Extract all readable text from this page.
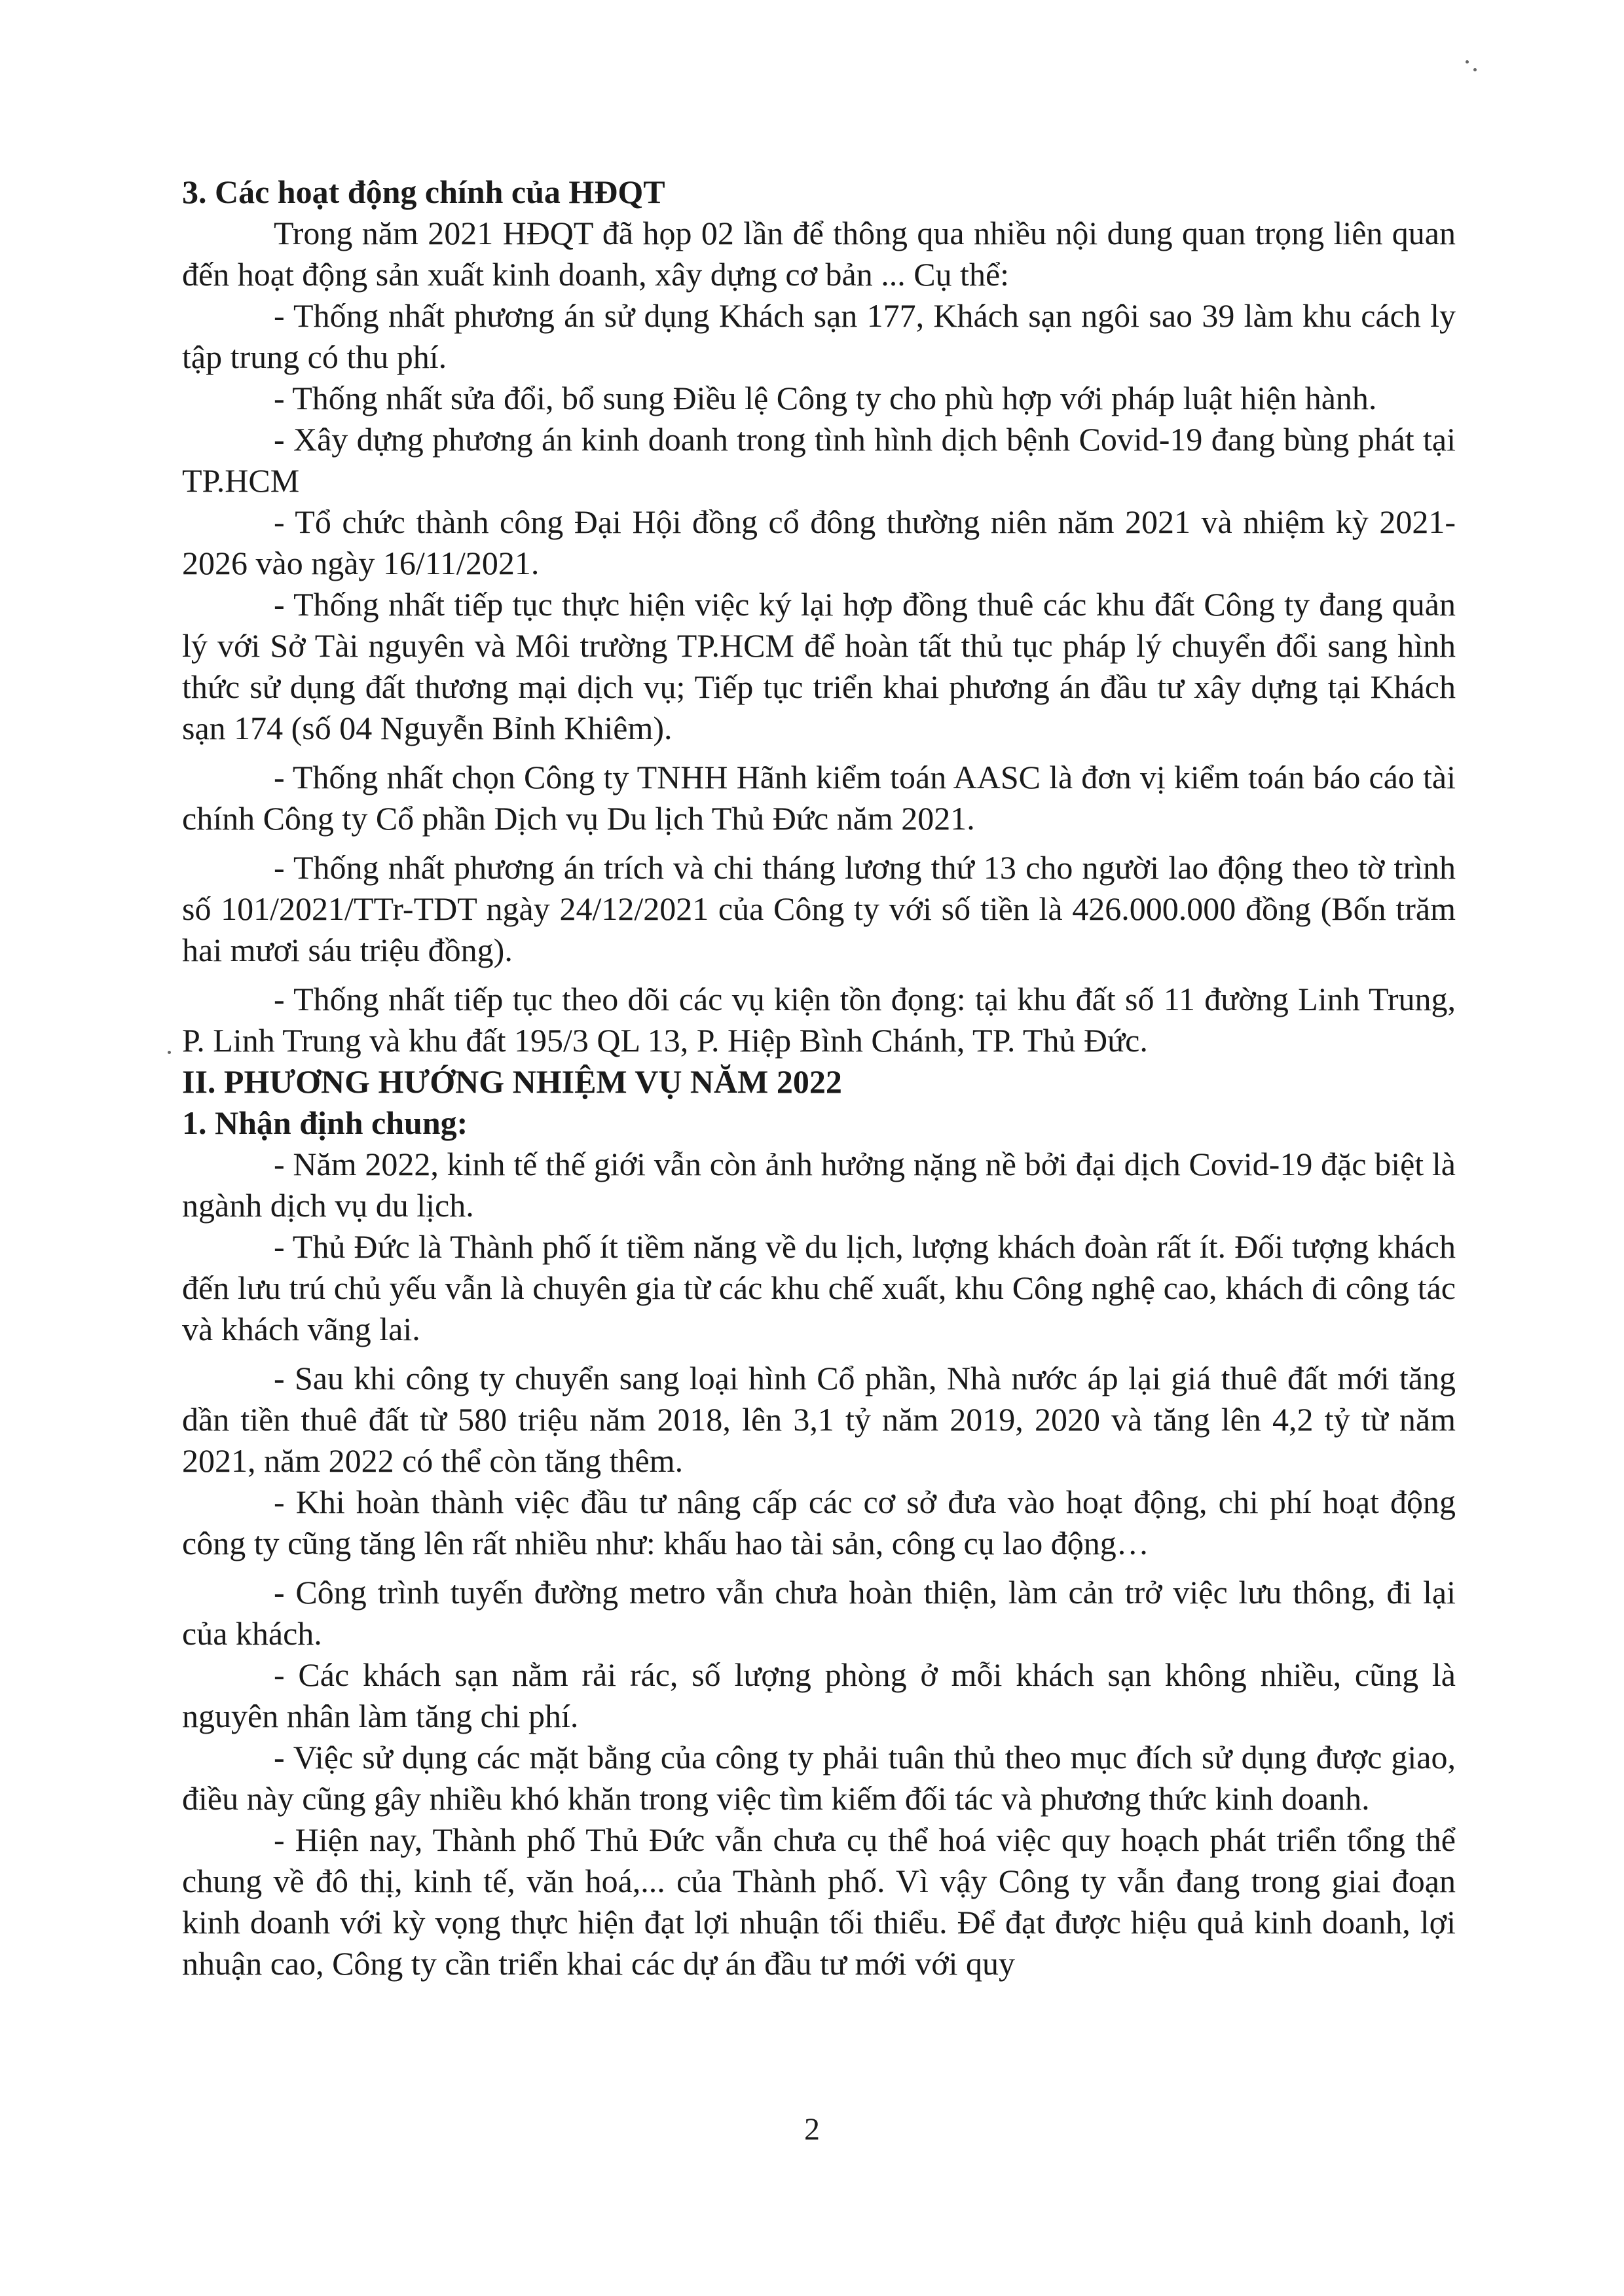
3. Các hoạt động chính của HĐQT

Trong năm 2021 HĐQT đã họp 02 lần để thông qua nhiều nội dung quan trọng liên quan đến hoạt động sản xuất kinh doanh, xây dựng cơ bản ... Cụ thể:

- Thống nhất phương án sử dụng Khách sạn 177, Khách sạn ngôi sao 39 làm khu cách ly tập trung có thu phí.

- Thống nhất sửa đổi, bổ sung Điều lệ Công ty cho phù hợp với pháp luật hiện hành.

- Xây dựng phương án kinh doanh trong tình hình dịch bệnh Covid-19 đang bùng phát tại TP.HCM

- Tổ chức thành công Đại Hội đồng cổ đông thường niên năm 2021 và nhiệm kỳ 2021-2026 vào ngày 16/11/2021.

- Thống nhất tiếp tục thực hiện việc ký lại hợp đồng thuê các khu đất Công ty đang quản lý với Sở Tài nguyên và Môi trường TP.HCM để hoàn tất thủ tục pháp lý chuyển đổi sang hình thức sử dụng đất thương mại dịch vụ; Tiếp tục triển khai phương án đầu tư xây dựng tại Khách sạn 174 (số 04 Nguyễn Bỉnh Khiêm).

- Thống nhất chọn Công ty TNHH Hãnh kiểm toán AASC là đơn vị kiểm toán báo cáo tài chính Công ty Cổ phần Dịch vụ Du lịch Thủ Đức năm 2021.

- Thống nhất phương án trích và chi tháng lương thứ 13 cho người lao động theo tờ trình số 101/2021/TTr-TDT ngày 24/12/2021 của Công ty với số tiền là 426.000.000 đồng (Bốn trăm hai mươi sáu triệu đồng).

- Thống nhất tiếp tục theo dõi các vụ kiện tồn đọng: tại khu đất số 11 đường Linh Trung, P. Linh Trung và khu đất 195/3 QL 13, P. Hiệp Bình Chánh, TP. Thủ Đức.

II. PHƯƠNG HƯỚNG NHIỆM VỤ NĂM 2022

1. Nhận định chung:

- Năm 2022, kinh tế thế giới vẫn còn ảnh hưởng nặng nề bởi đại dịch Covid-19 đặc biệt là ngành dịch vụ du lịch.

- Thủ Đức là Thành phố ít tiềm năng về du lịch, lượng khách đoàn rất ít. Đối tượng khách đến lưu trú chủ yếu vẫn là chuyên gia từ các khu chế xuất, khu Công nghệ cao, khách đi công tác và khách vãng lai.

- Sau khi công ty chuyển sang loại hình Cổ phần, Nhà nước áp lại giá thuê đất mới tăng dần tiền thuê đất từ 580 triệu năm 2018, lên 3,1 tỷ năm 2019, 2020 và tăng lên 4,2 tỷ từ năm 2021, năm 2022 có thể còn tăng thêm.

- Khi hoàn thành việc đầu tư nâng cấp các cơ sở đưa vào hoạt động, chi phí hoạt động công ty cũng tăng lên rất nhiều như: khấu hao tài sản, công cụ lao động…

- Công trình tuyến đường metro vẫn chưa hoàn thiện, làm cản trở việc lưu thông, đi lại của khách.

- Các khách sạn nằm rải rác, số lượng phòng ở mỗi khách sạn không nhiều, cũng là nguyên nhân làm tăng chi phí.

- Việc sử dụng các mặt bằng của công ty phải tuân thủ theo mục đích sử dụng được giao, điều này cũng gây nhiều khó khăn trong việc tìm kiếm đối tác và phương thức kinh doanh.

- Hiện nay, Thành phố Thủ Đức vẫn chưa cụ thể hoá việc quy hoạch phát triển tổng thể chung về đô thị, kinh tế, văn hoá,... của Thành phố. Vì vậy Công ty vẫn đang trong giai đoạn kinh doanh với kỳ vọng thực hiện đạt lợi nhuận tối thiểu. Để đạt được hiệu quả kinh doanh, lợi nhuận cao, Công ty cần triển khai các dự án đầu tư mới với quy

2
